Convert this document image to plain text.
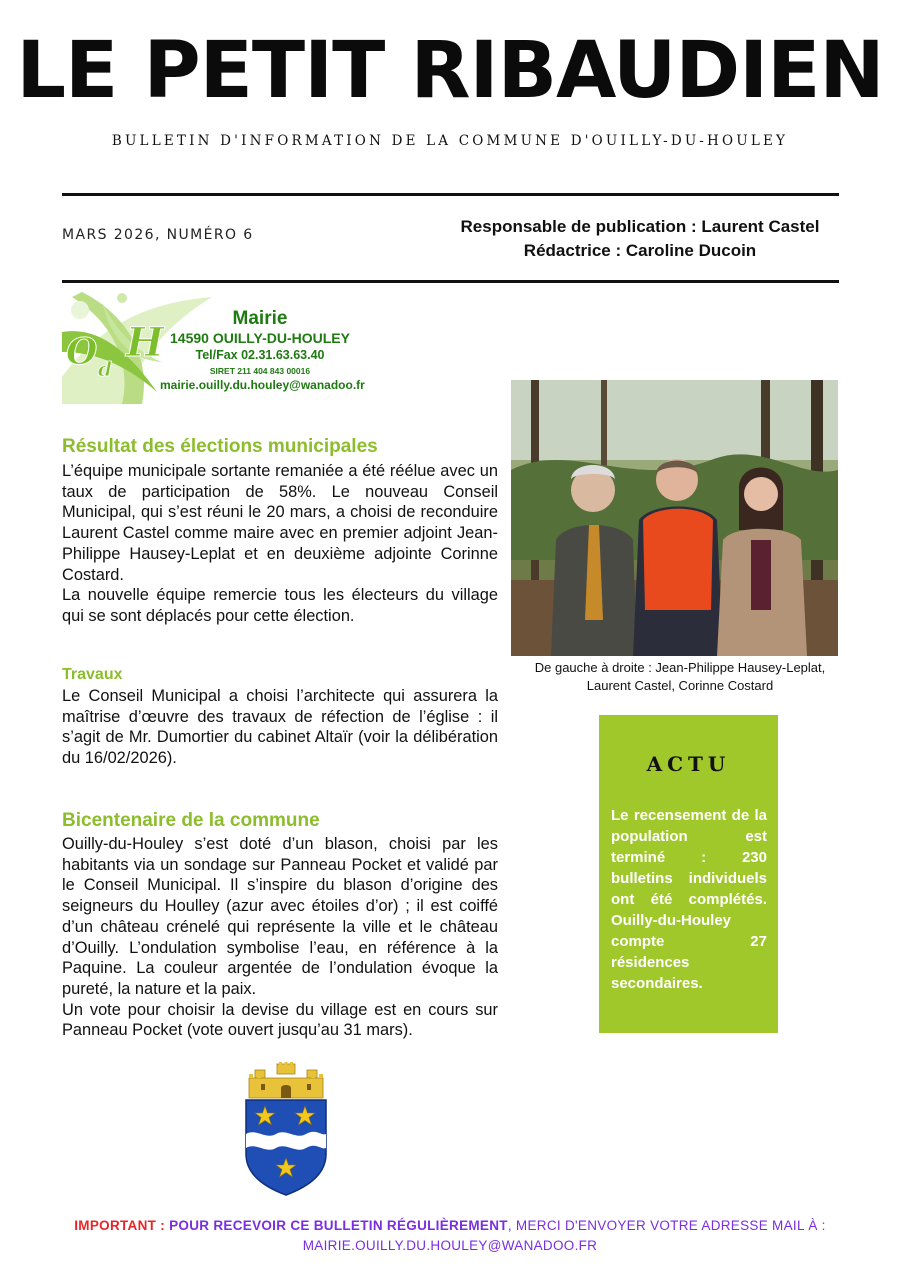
LE PETIT RIBAUDIEN
BULLETIN D'INFORMATION DE LA COMMUNE D'OUILLY-DU-HOULEY
MARS 2026, NUMÉRO 6	Responsable de publication : Laurent Castel
Rédactrice : Caroline Ducoin
O d
H
Mairie
14590 OUILLY-DU-HOULEY
Tel/Fax 02.31.63.63.40
SIRET 211 404 843 00016
mairie.ouilly.du.houley@wanadoo.fr
Résultat des élections municipales

L’équipe municipale sortante remaniée a été réélue avec un taux de participation de 58%. Le nouveau Conseil Municipal, qui s’est réuni le 20 mars, a choisi de reconduire Laurent Castel comme maire avec en premier adjoint Jean-Philippe Hausey-Leplat et en deuxième adjointe Corinne Costard.

La nouvelle équipe remercie tous les électeurs du village qui se sont déplacés pour cette élection.

Travaux

Le Conseil Municipal a choisi l’architecte qui assurera la maîtrise d’œuvre des travaux de réfection de l’église : il s’agit de Mr. Dumortier du cabinet Altaïr (voir la délibération du 16/02/2026).

Bicentenaire de la commune

Ouilly-du-Houley s’est doté d’un blason, choisi par les habitants via un sondage sur Panneau Pocket et validé par le Conseil Municipal. Il s’inspire du blason d’origine des seigneurs du Houlley (azur avec étoiles d’or) ; il est coiffé d’un château crénelé qui représente la ville et le château d’Ouilly. L’ondulation symbolise l’eau, en référence à la Paquine. La couleur argentée de l’ondulation évoque la pureté, la nature et la paix.

Un vote pour choisir la devise du village est en cours sur Panneau Pocket (vote ouvert jusqu’au 31 mars).

De gauche à droite : Jean-Philippe Hausey-Leplat, Laurent Castel, Corinne Costard
ACTU
Le recensement de la population est terminé : 230 bulletins individuels ont été complétés. Ouilly-du-Houley compte 27 résidences secondaires.
IMPORTANT : POUR RECEVOIR CE BULLETIN RÉGULIÈREMENT, MERCI D'ENVOYER VOTRE ADRESSE MAIL À :
MAIRIE.OUILLY.DU.HOULEY@WANADOO.FR
